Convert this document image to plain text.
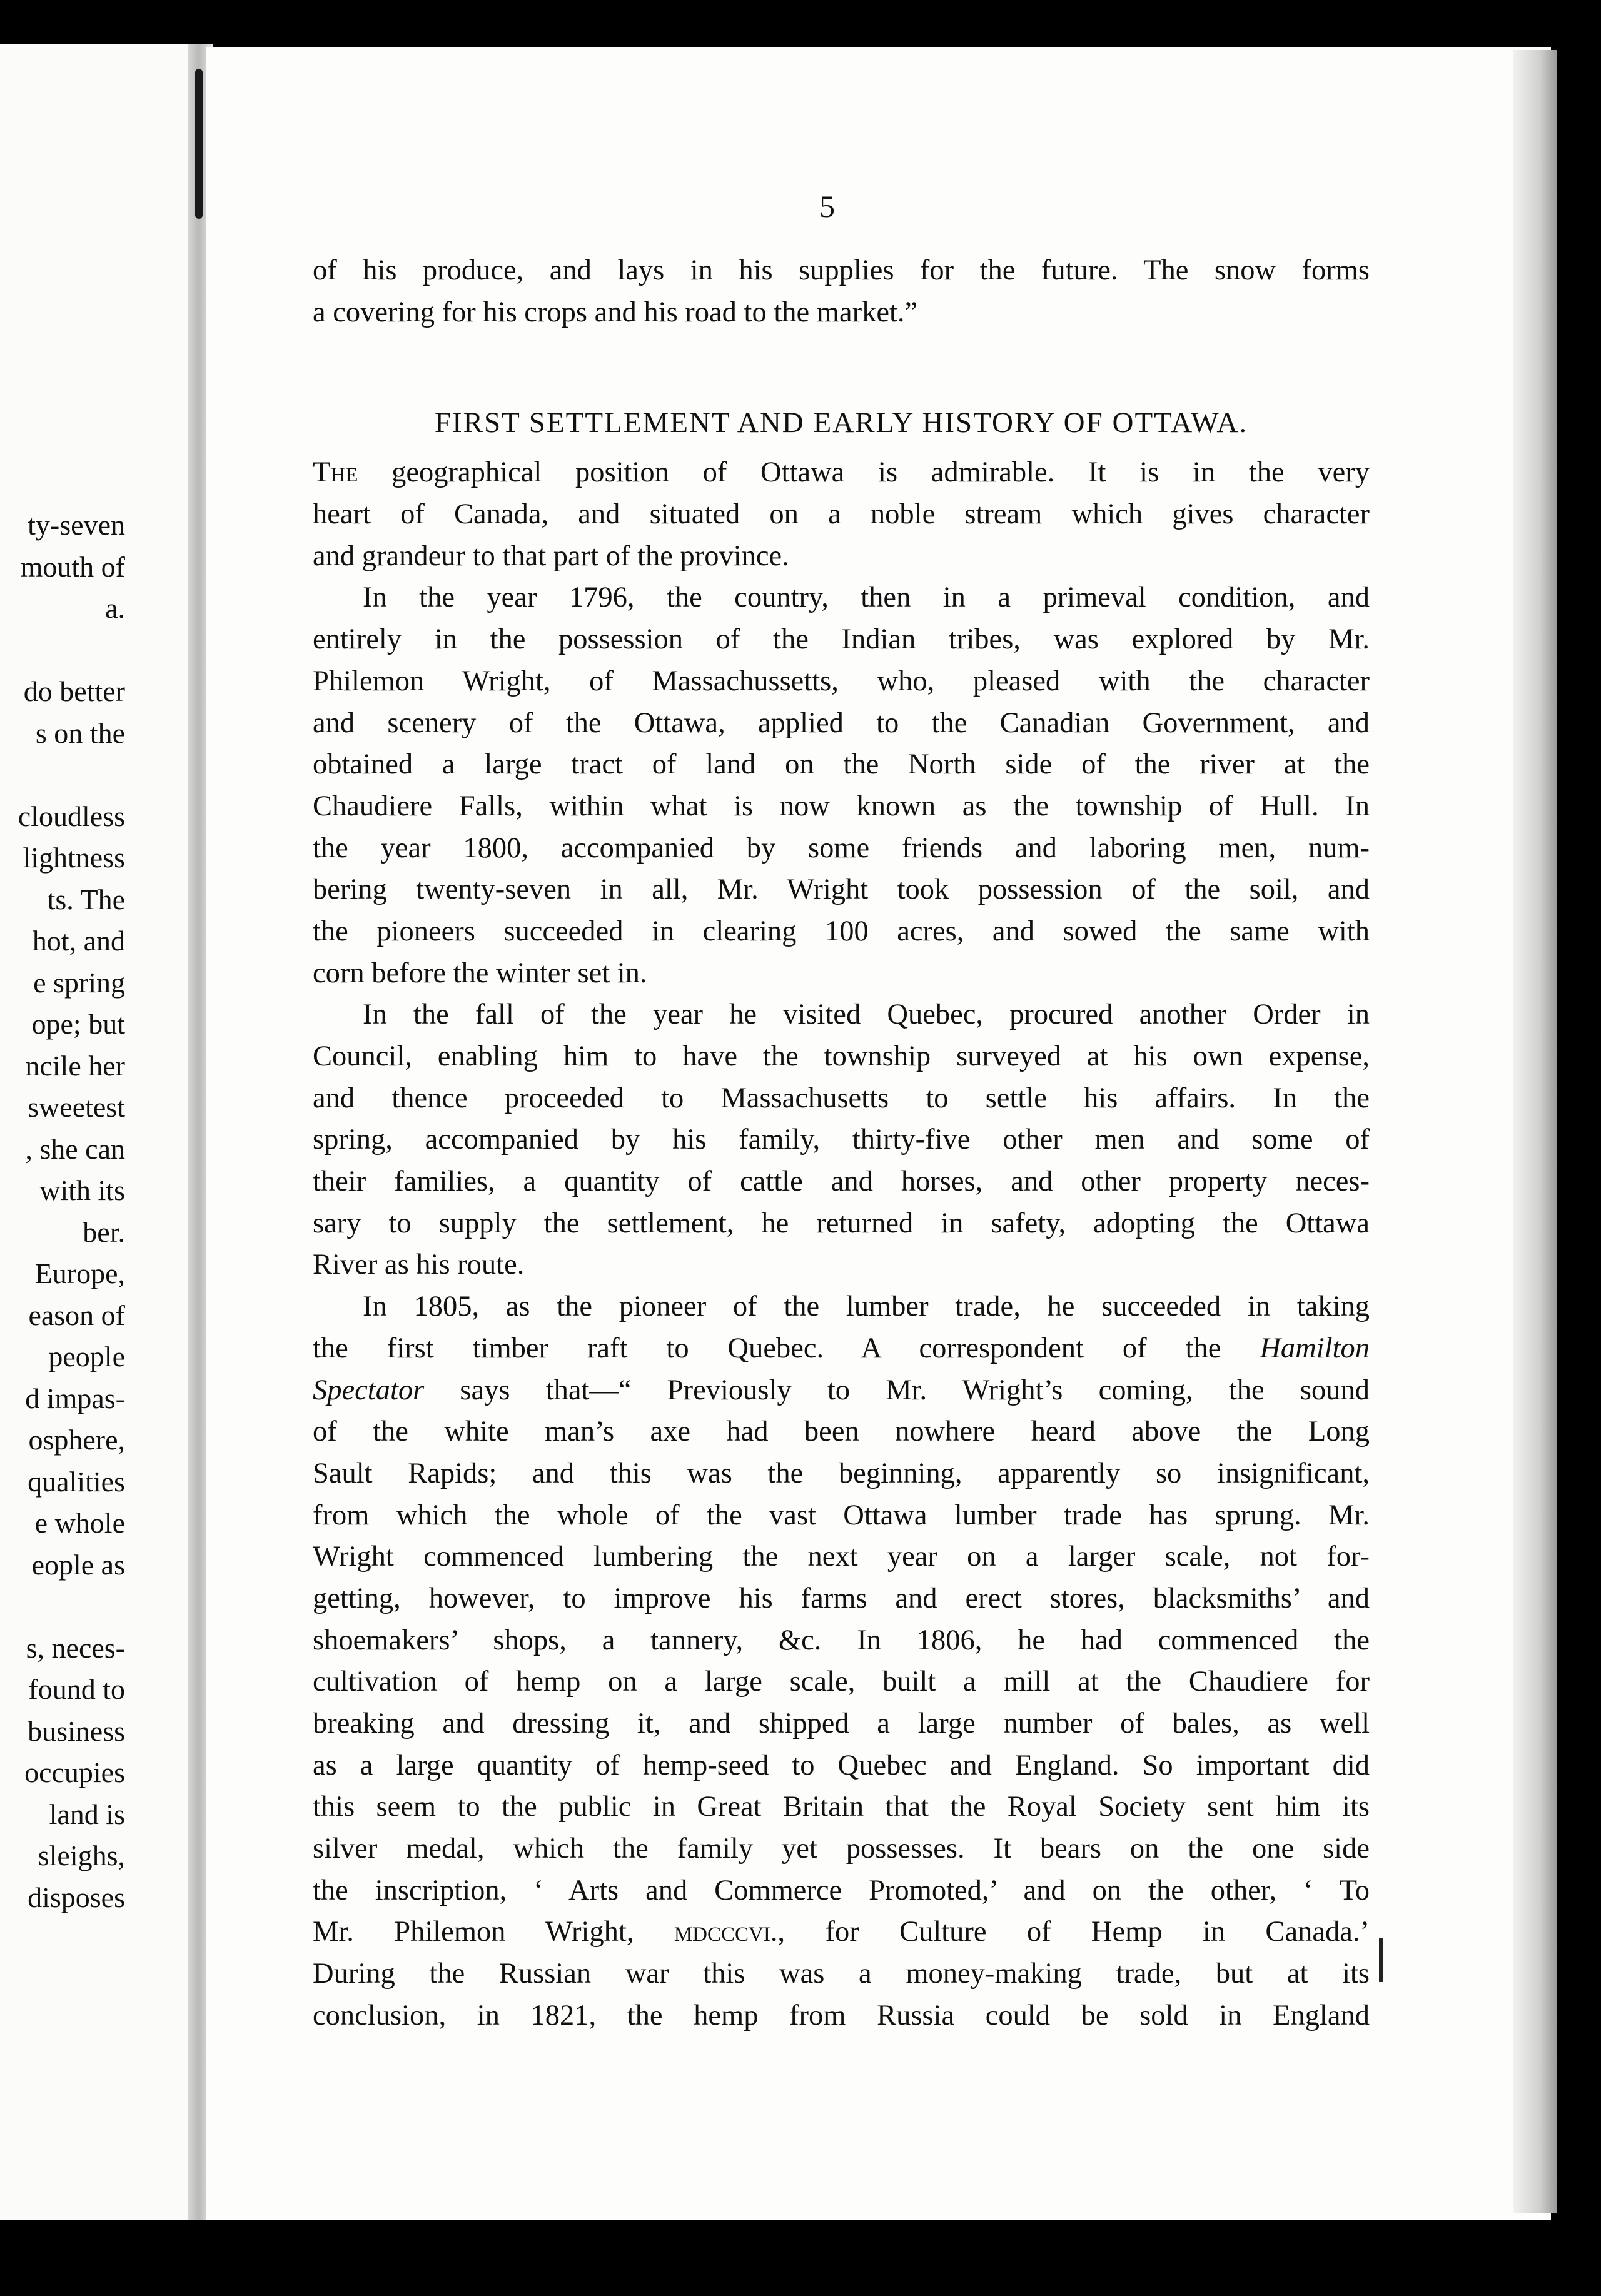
ty-seven
mouth of
a.
do better
s on the
cloudless
lightness
ts. The
hot, and
e spring
ope; but
ncile her
sweetest
, she can
with its
ber.
Europe,
eason of
people
d impas-
osphere,
qualities
e whole
eople as
s, neces-
found to
business
occupies
land is
sleighs,
disposes
5
of his produce, and lays in his supplies for the future. The snow forms
a covering for his crops and his road to the market.”
FIRST SETTLEMENT AND EARLY HISTORY OF OTTAWA.
The geographical position of Ottawa is admirable. It is in the very
heart of Canada, and situated on a noble stream which gives character
and grandeur to that part of the province.
In the year 1796, the country, then in a primeval condition, and
entirely in the possession of the Indian tribes, was explored by Mr.
Philemon Wright, of Massachussetts, who, pleased with the character
and scenery of the Ottawa, applied to the Canadian Government, and
obtained a large tract of land on the North side of the river at the
Chaudiere Falls, within what is now known as the township of Hull. In
the year 1800, accompanied by some friends and laboring men, num-
bering twenty-seven in all, Mr. Wright took possession of the soil, and
the pioneers succeeded in clearing 100 acres, and sowed the same with
corn before the winter set in.
In the fall of the year he visited Quebec, procured another Order in
Council, enabling him to have the township surveyed at his own expense,
and thence proceeded to Massachusetts to settle his affairs. In the
spring, accompanied by his family, thirty-five other men and some of
their families, a quantity of cattle and horses, and other property neces-
sary to supply the settlement, he returned in safety, adopting the Ottawa
River as his route.
In 1805, as the pioneer of the lumber trade, he succeeded in taking
the first timber raft to Quebec. A correspondent of the Hamilton
Spectator says that—“ Previously to Mr. Wright’s coming, the sound
of the white man’s axe had been nowhere heard above the Long
Sault Rapids; and this was the beginning, apparently so insignificant,
from which the whole of the vast Ottawa lumber trade has sprung. Mr.
Wright commenced lumbering the next year on a larger scale, not for-
getting, however, to improve his farms and erect stores, blacksmiths’ and
shoemakers’ shops, a tannery, &c. In 1806, he had commenced the
cultivation of hemp on a large scale, built a mill at the Chaudiere for
breaking and dressing it, and shipped a large number of bales, as well
as a large quantity of hemp-seed to Quebec and England. So important did
this seem to the public in Great Britain that the Royal Society sent him its
silver medal, which the family yet possesses. It bears on the one side
the inscription, ‘ Arts and Commerce Promoted,’ and on the other, ‘ To
Mr. Philemon Wright, mdcccvi., for Culture of Hemp in Canada.’
During the Russian war this was a money-making trade, but at its
conclusion, in 1821, the hemp from Russia could be sold in England
